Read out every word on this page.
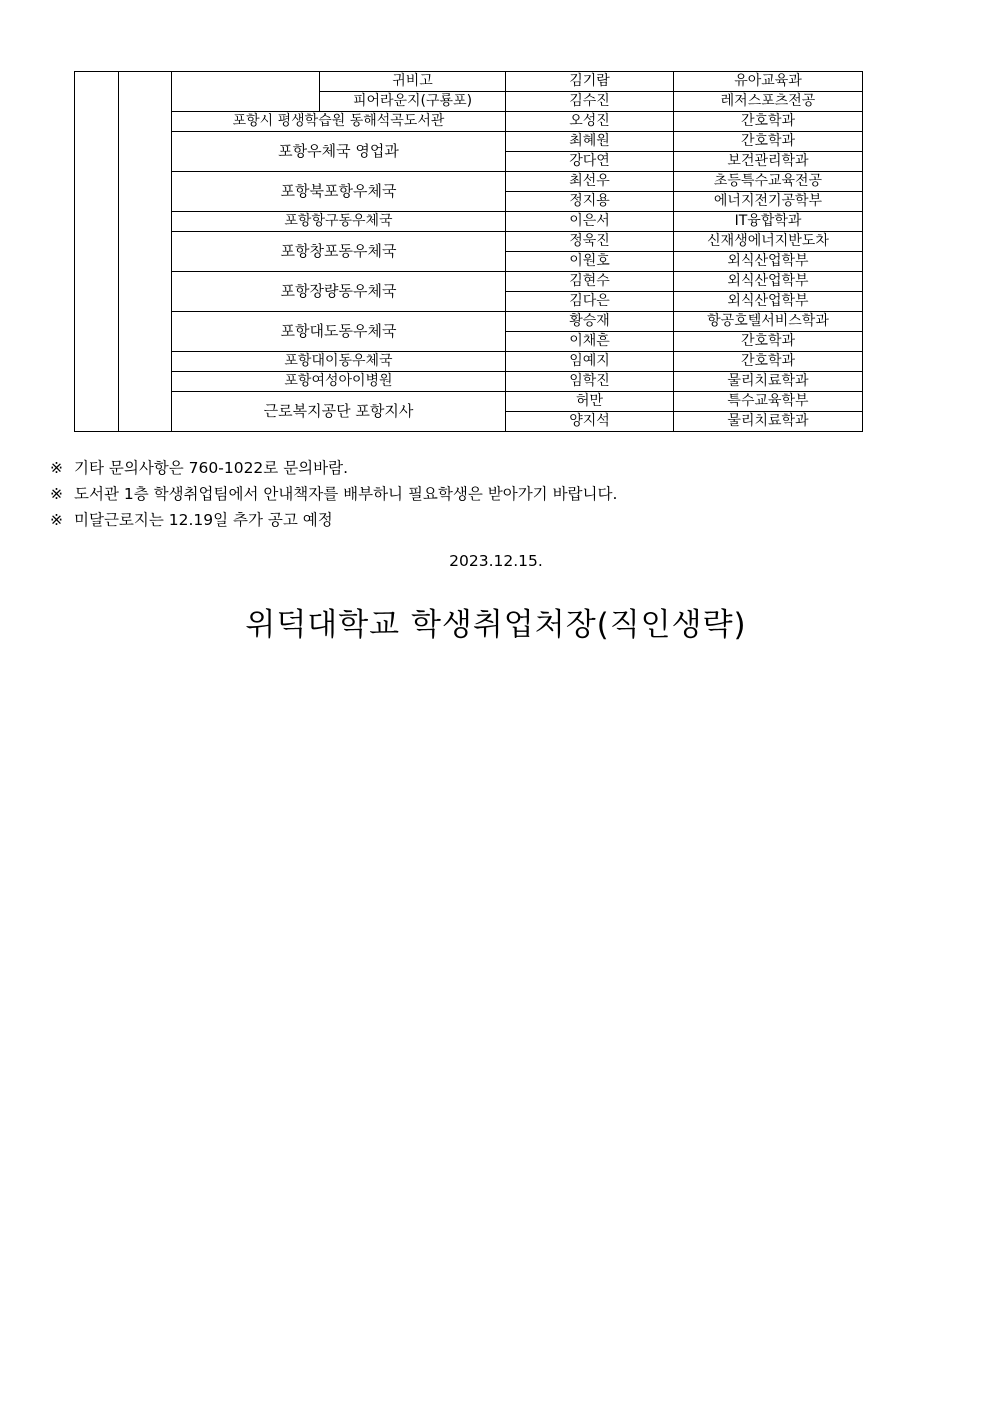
			귀비고	김기람	유아교육과
			피어라운지(구룡포)	김수진	레저스포츠전공
		포항시 평생학습원 동해석곡도서관		오성진	간호학과
		포항우체국 영업과		최혜원	간호학과
				강다연	보건관리학과
		포항북포항우체국		최선우	초등특수교육전공
				정지용	에너지전기공학부
		포항항구동우체국		이은서	IT융합학과
		포항창포동우체국		정욱진	신재생에너지반도차
				이원호	외식산업학부
		포항장량동우체국		김현수	외식산업학부
				김다은	외식산업학부
		포항대도동우체국		황승재	항공호텔서비스학과
				이채흔	간호학과
		포항대이동우체국		임예지	간호학과
		포항여성아이병원		임학진	물리치료학과
		근로복지공단 포항지사		허만	특수교육학부
				양지석	물리치료학과
※ 기타 문의사항은 760-1022로 문의바람.
※ 도서관 1층 학생취업팀에서 안내책자를 배부하니 필요학생은 받아가기 바랍니다.
※ 미달근로지는 12.19일 추가 공고 예정
2023.12.15.
위덕대학교 학생취업처장(직인생략)
